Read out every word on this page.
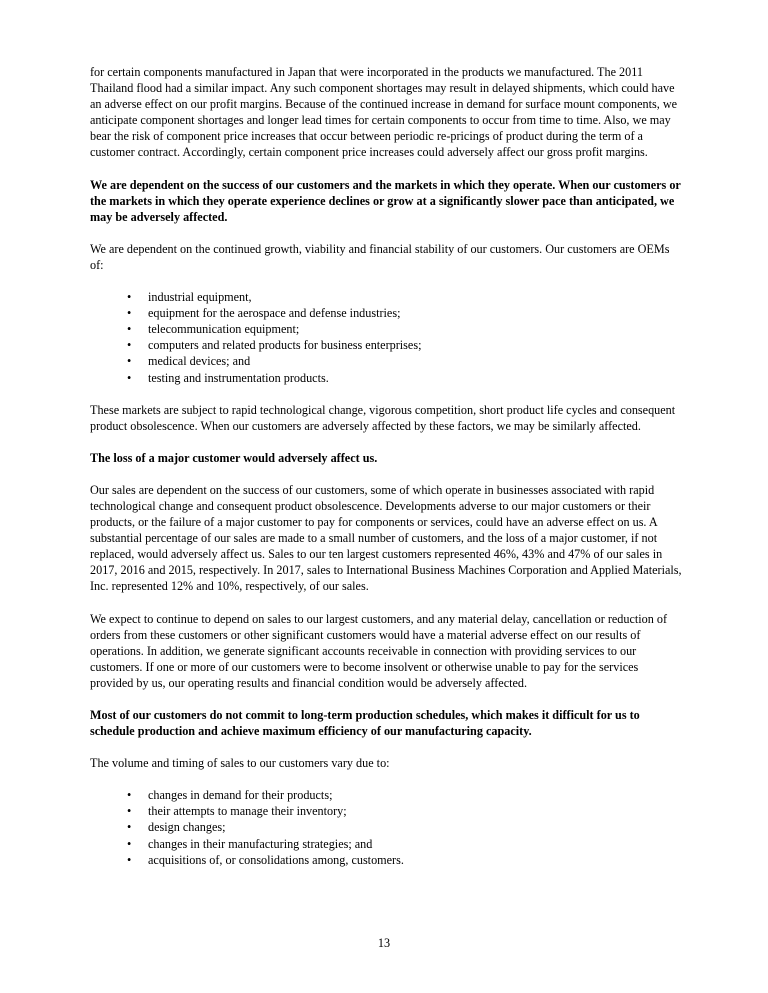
for certain components manufactured in Japan that were incorporated in the products we manufactured. The 2011 Thailand flood had a similar impact. Any such component shortages may result in delayed shipments, which could have an adverse effect on our profit margins. Because of the continued increase in demand for surface mount components, we anticipate component shortages and longer lead times for certain components to occur from time to time. Also, we may bear the risk of component price increases that occur between periodic re-pricings of product during the term of a customer contract. Accordingly, certain component price increases could adversely affect our gross profit margins.

We are dependent on the success of our customers and the markets in which they operate. When our customers or the markets in which they operate experience declines or grow at a significantly slower pace than anticipated, we may be adversely affected.

We are dependent on the continued growth, viability and financial stability of our customers. Our customers are OEMs of:

• industrial equipment,
• equipment for the aerospace and defense industries;
• telecommunication equipment;
• computers and related products for business enterprises;
• medical devices; and
• testing and instrumentation products.

These markets are subject to rapid technological change, vigorous competition, short product life cycles and consequent product obsolescence. When our customers are adversely affected by these factors, we may be similarly affected.

The loss of a major customer would adversely affect us.

Our sales are dependent on the success of our customers, some of which operate in businesses associated with rapid technological change and consequent product obsolescence. Developments adverse to our major customers or their products, or the failure of a major customer to pay for components or services, could have an adverse effect on us. A substantial percentage of our sales are made to a small number of customers, and the loss of a major customer, if not replaced, would adversely affect us. Sales to our ten largest customers represented 46%, 43% and 47% of our sales in 2017, 2016 and 2015, respectively. In 2017, sales to International Business Machines Corporation and Applied Materials, Inc. represented 12% and 10%, respectively, of our sales.

We expect to continue to depend on sales to our largest customers, and any material delay, cancellation or reduction of orders from these customers or other significant customers would have a material adverse effect on our results of operations. In addition, we generate significant accounts receivable in connection with providing services to our customers. If one or more of our customers were to become insolvent or otherwise unable to pay for the services provided by us, our operating results and financial condition would be adversely affected.

Most of our customers do not commit to long-term production schedules, which makes it difficult for us to schedule production and achieve maximum efficiency of our manufacturing capacity.

The volume and timing of sales to our customers vary due to:

• changes in demand for their products;
• their attempts to manage their inventory;
• design changes;
• changes in their manufacturing strategies; and
• acquisitions of, or consolidations among, customers.
13
